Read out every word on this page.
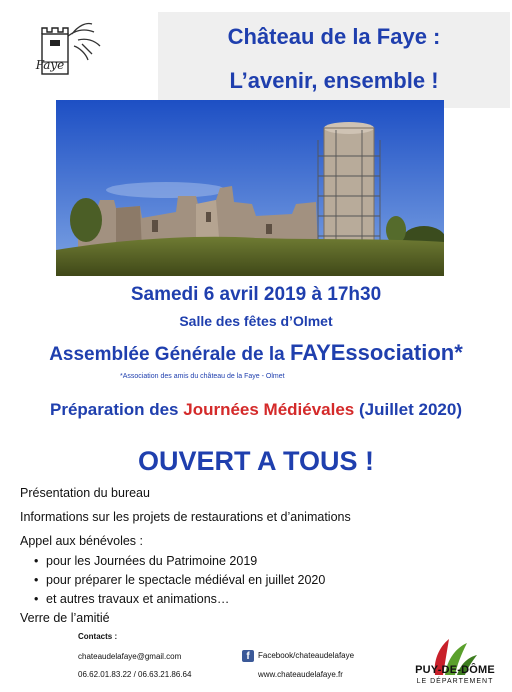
Faye
Château de la Faye :
L’avenir, ensemble !
Samedi 6 avril 2019 à 17h30
Salle des fêtes d’Olmet
Assemblée Générale de la FAYEssociation*
*Association des amis du château de la Faye - Olmet
Préparation des Journées Médiévales (Juillet 2020)
OUVERT A TOUS !
Présentation du bureau
Informations sur les projets de restaurations et d’animations
Appel aux bénévoles :
• pour les Journées du Patrimoine 2019
• pour préparer le spectacle médiéval en juillet 2020
• et autres travaux et animations…
Verre de l’amitié
Contacts :
chateaudelafaye@gmail.com
06.62.01.83.22 / 06.63.21.86.64
f	Facebook/chateaudelafaye
www.chateaudelafaye.fr	PUY-DE-DÔME
LE DÉPARTEMENT
